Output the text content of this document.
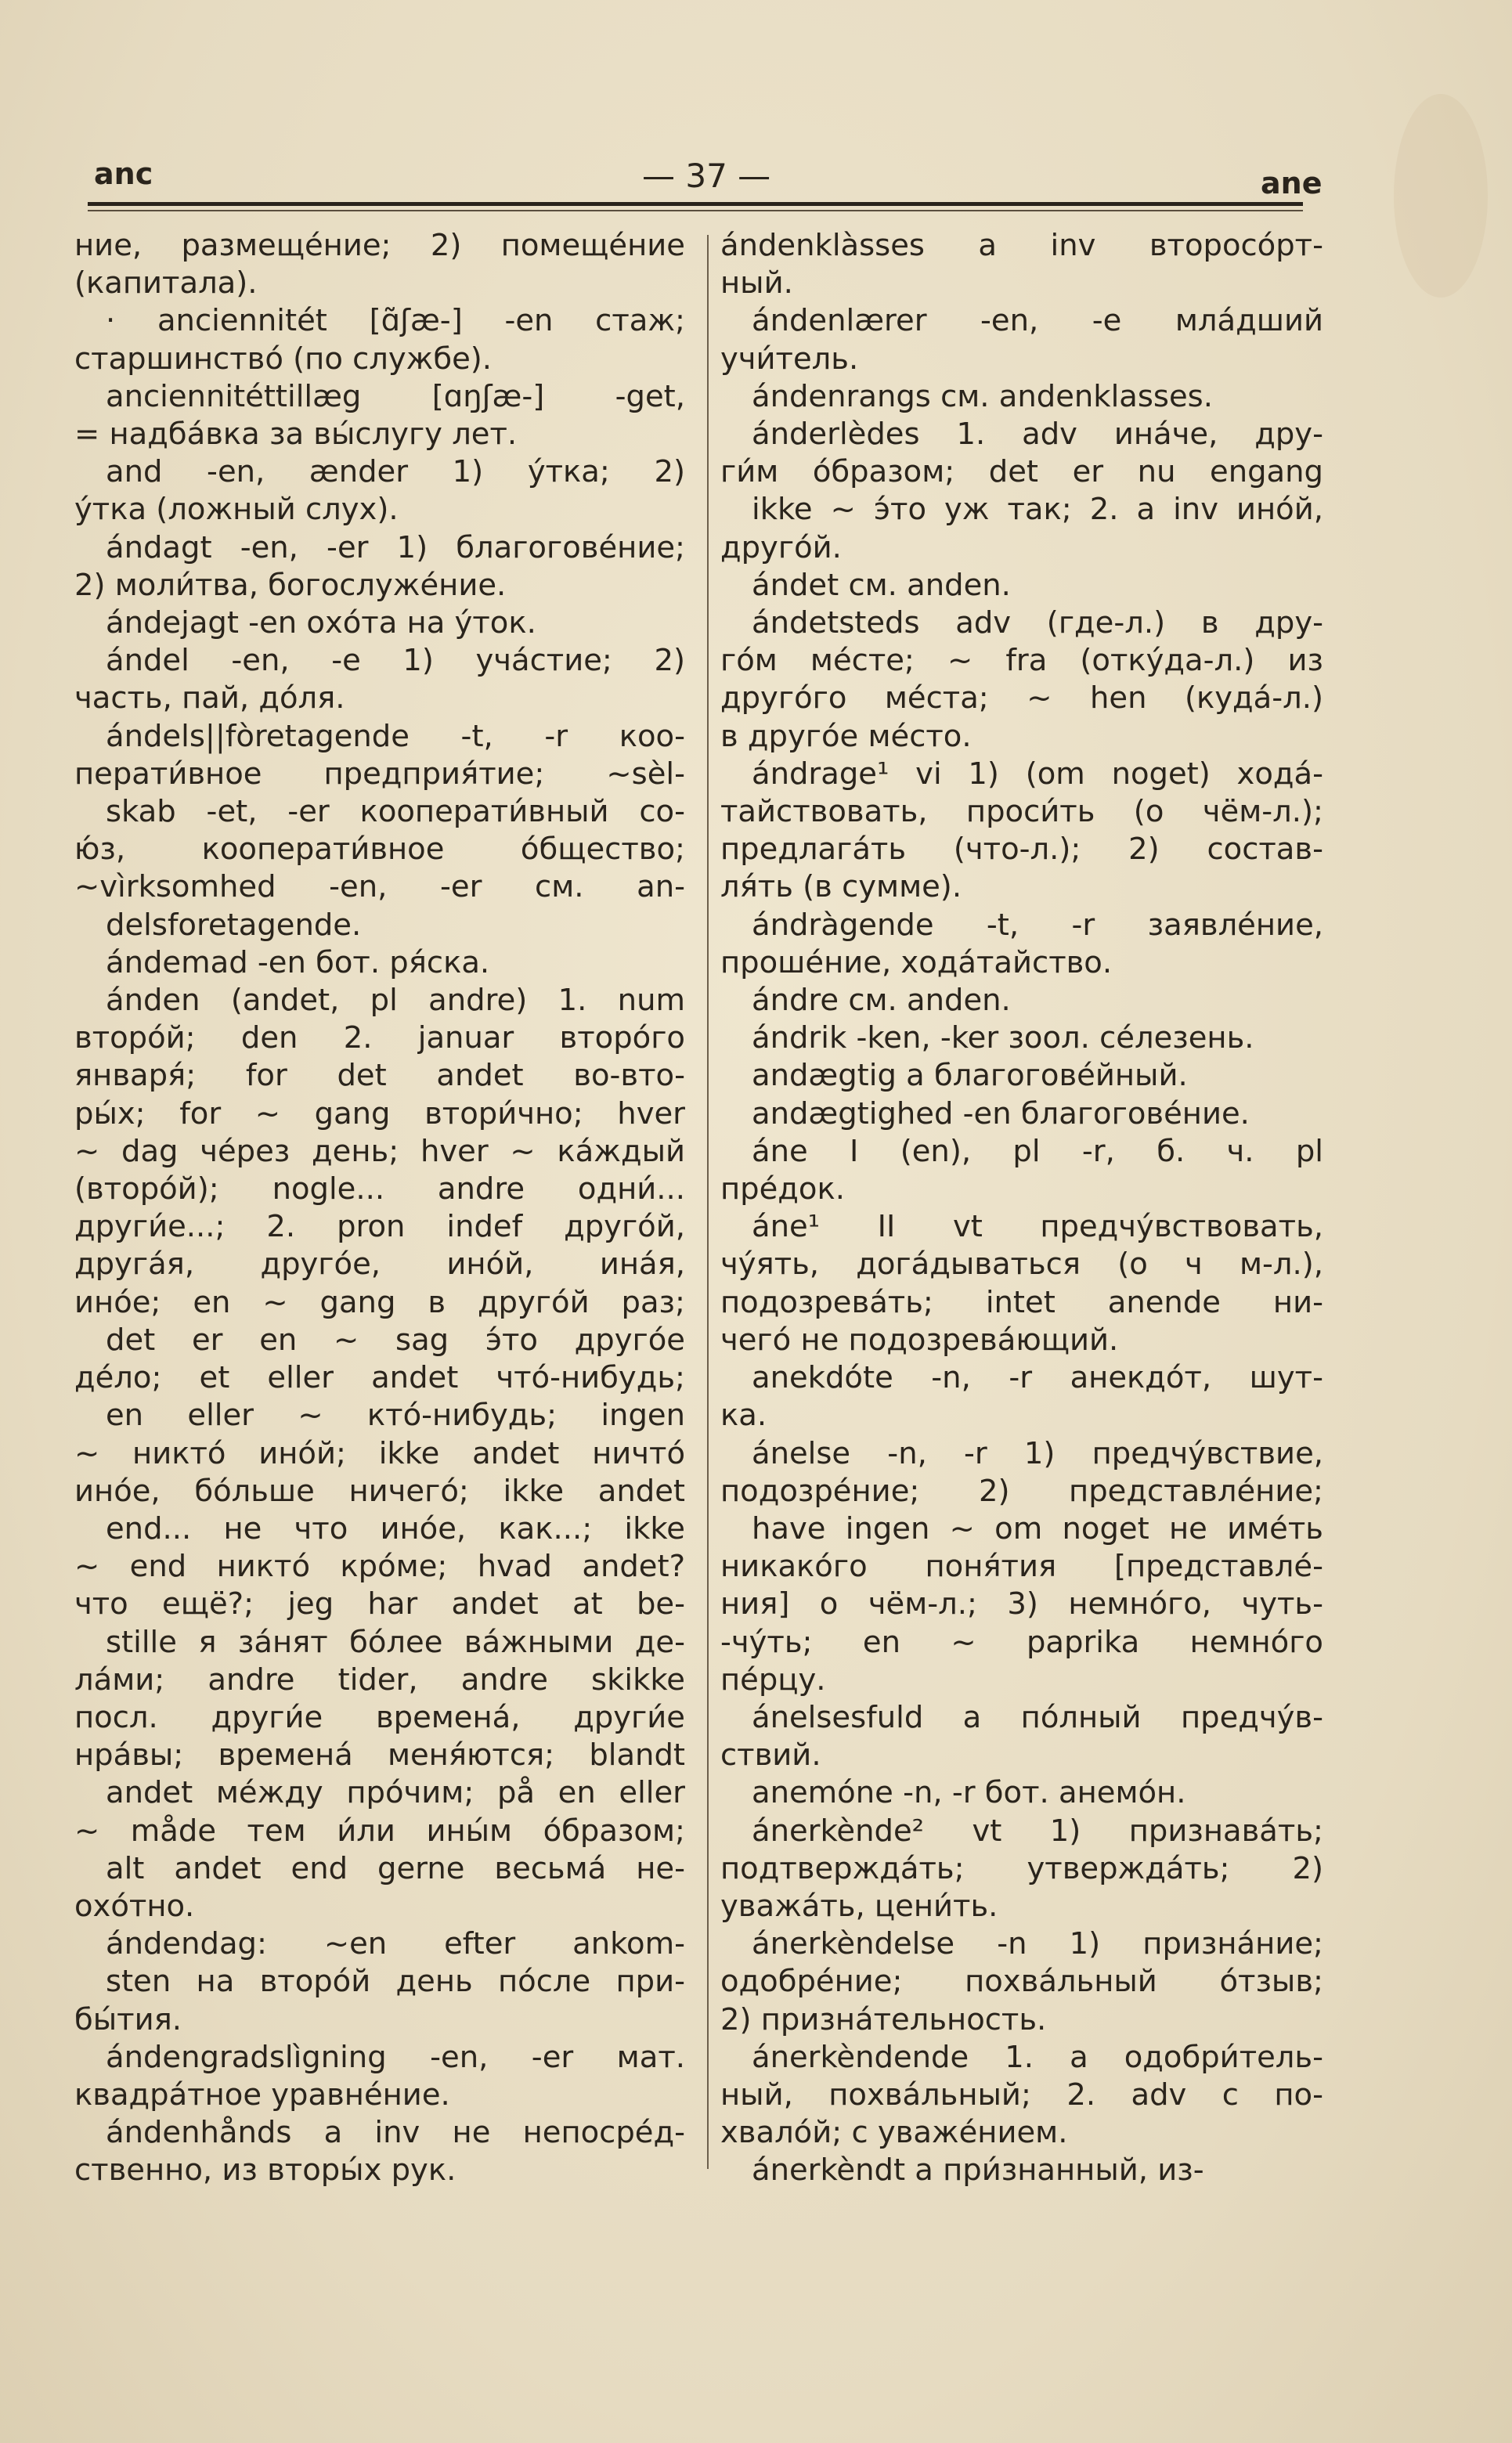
anc	— 37 —	ane
ние, размеще́ние; 2) помеще́ние
(капитала).
· anciennitét [ɑ̃ʃæ-] -en стаж;
старшинство́ (по службе).
anciennitéttillæg [ɑŋʃæ-] -get,
= надба́вка за вы́слугу лет.
and -en, ænder 1) у́тка; 2)
у́тка (ложный слух).
ándagt -en, -er 1) благогове́ние;
2) моли́тва, богослуже́ние.
ándejagt -en охо́та на у́ток.
ándel -en, -e 1) уча́стие; 2)
часть, пай, до́ля.
ándels||fòretagende -t, -r коо-
перати́вное предприя́тие; ~sèl-
skab -et, -er кооперати́вный со-
ю́з, кооперати́вное о́бщество;
~vìrksomhed -en, -er см. an-
delsforetagende.
ándemad -en бот. ря́ска.
ánden (andet, pl andre) 1. num
второ́й; den 2. januar второ́го
января́; for det andet во-вто-
ры́х; for ~ gang втори́чно; hver
~ dag че́рез день; hver ~ ка́ждый
(второ́й); nogle... andre одни́...
други́е...; 2. pron indef друго́й,
друга́я, друго́е, ино́й, ина́я,
ино́е; en ~ gang в друго́й раз;
det er en ~ sag э́то друго́е
де́ло; et eller andet что́-нибудь;
en eller ~ кто́-нибудь; ingen
~ никто́ ино́й; ikke andet ничто́
ино́е, бо́льше ничего́; ikke andet
end... не что ино́е, как...; ikke
~ end никто́ кро́ме; hvad andet?
что ещё?; jeg har andet at be-
stille я за́нят бо́лее ва́жными де-
ла́ми; andre tider, andre skikke
посл. други́е времена́, други́е
нра́вы; времена́ меня́ются; blandt
andet ме́жду про́чим; på en eller
~ måde тем и́ли ины́м о́бразом;
alt andet end gerne весьма́ не-
охо́тно.
ándendag: ~en efter ankom-
sten на второ́й день по́сле при-
бы́тия.
ándengradslìgning -en, -er мат.
квадра́тное уравне́ние.
ándenhånds a inv не непосре́д-
ственно, из вторы́х рук.
ándenklàsses a inv второсо́рт-
ный.
ándenlærer -en, -e мла́дший
учи́тель.
ándenrangs см. andenklasses.
ánderlèdes 1. adv ина́че, дру-
ги́м о́бразом; det er nu engang
ikke ~ э́то уж так; 2. a inv ино́й,
друго́й.
ándet см. anden.
ándetsteds adv (где-л.) в дру-
го́м ме́сте; ~ fra (отку́да-л.) из
друго́го ме́ста; ~ hen (куда́-л.)
в друго́е ме́сто.
ándrage¹ vi 1) (om noget) хода́-
тайствовать, проси́ть (о чём-л.);
предлага́ть (что-л.); 2) состав-
ля́ть (в сумме).
ándràgende -t, -r заявле́ние,
проше́ние, хода́тайство.
ándre см. anden.
ándrik -ken, -ker зоол. се́лезень.
andægtig a благогове́йный.
andægtighed -en благогове́ние.
áne I (en), pl -r, б. ч. pl
пре́док.
áne¹ II vt предчу́вствовать,
чу́ять, дога́дываться (о ч м-л.),
подозрева́ть; intet anende ни-
чего́ не подозрева́ющий.
anekdóte -n, -r анекдо́т, шут-
ка.
ánelse -n, -r 1) предчу́вствие,
подозре́ние; 2) представле́ние;
have ingen ~ om noget не име́ть
никако́го поня́тия [представле́-
ния] о чём-л.; 3) немно́го, чуть-
-чу́ть; en ~ paprika немно́го
пе́рцу.
ánelsesfuld a по́лный предчу́в-
ствий.
anemóne -n, -r бот. анемо́н.
ánerkènde² vt 1) признава́ть;
подтвержда́ть; утвержда́ть; 2)
уважа́ть, цени́ть.
ánerkèndelse -n 1) призна́ние;
одобре́ние; похва́льный о́тзыв;
2) призна́тельность.
ánerkèndende 1. a одобри́тель-
ный, похва́льный; 2. adv с по-
хвало́й; с уваже́нием.
ánerkèndt a при́знанный, из-
